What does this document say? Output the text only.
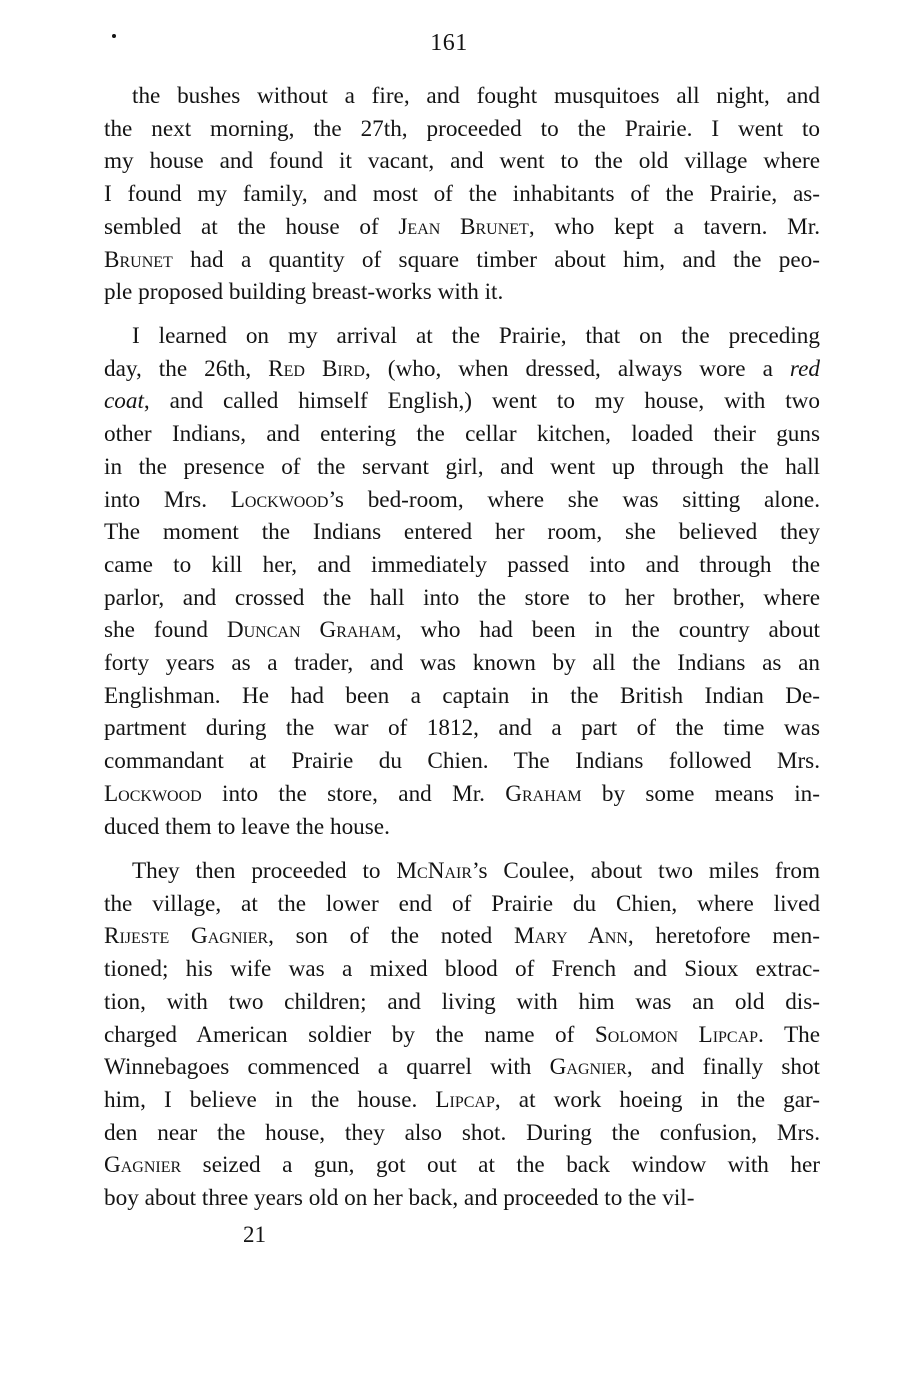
161
the bushes without a fire, and fought musquitoes all night, and
the next morning, the 27th, proceeded to the Prairie. I went to
my house and found it vacant, and went to the old village where
I found my family, and most of the inhabitants of the Prairie, as-
sembled at the house of Jean Brunet, who kept a tavern. Mr.
Brunet had a quantity of square timber about him, and the peo-
ple proposed building breast-works with it.
I learned on my arrival at the Prairie, that on the preceding
day, the 26th, Red Bird, (who, when dressed, always wore a red
coat, and called himself English,) went to my house, with two
other Indians, and entering the cellar kitchen, loaded their guns
in the presence of the servant girl, and went up through the hall
into Mrs. Lockwood’s bed-room, where she was sitting alone.
The moment the Indians entered her room, she believed they
came to kill her, and immediately passed into and through the
parlor, and crossed the hall into the store to her brother, where
she found Duncan Graham, who had been in the country about
forty years as a trader, and was known by all the Indians as an
Englishman. He had been a captain in the British Indian De-
partment during the war of 1812, and a part of the time was
commandant at Prairie du Chien. The Indians followed Mrs.
Lockwood into the store, and Mr. Graham by some means in-
duced them to leave the house.
They then proceeded to McNair’s Coulee, about two miles from
the village, at the lower end of Prairie du Chien, where lived
Rijeste Gagnier, son of the noted Mary Ann, heretofore men-
tioned; his wife was a mixed blood of French and Sioux extrac-
tion, with two children; and living with him was an old dis-
charged American soldier by the name of Solomon Lipcap. The
Winnebagoes commenced a quarrel with Gagnier, and finally shot
him, I believe in the house. Lipcap, at work hoeing in the gar-
den near the house, they also shot. During the confusion, Mrs.
Gagnier seized a gun, got out at the back window with her
boy about three years old on her back, and proceeded to the vil-
21
